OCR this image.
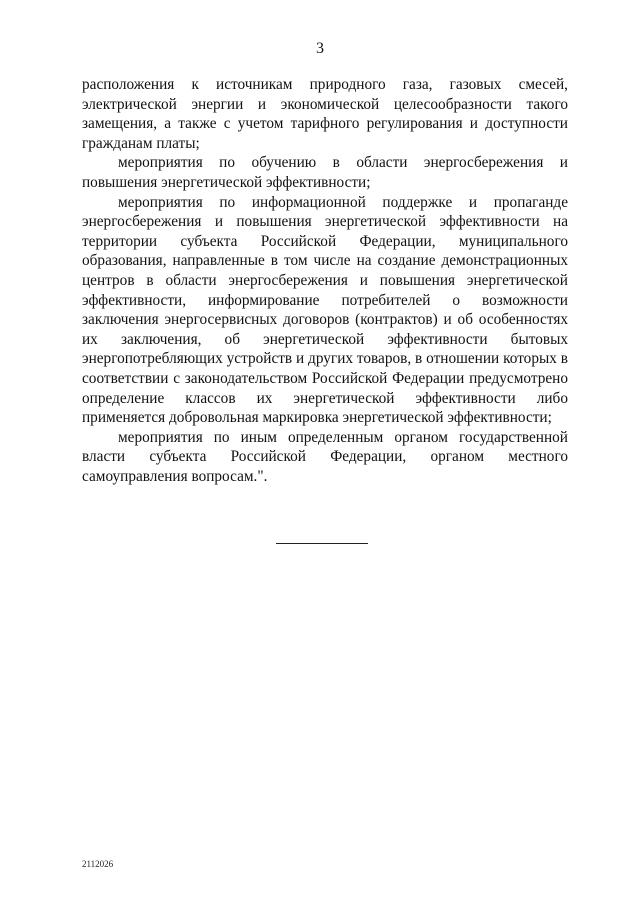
3

расположения к источникам природного газа, газовых смесей, электрической энергии и экономической целесообразности такого замещения, а также с учетом тарифного регулирования и доступности гражданам платы;

мероприятия по обучению в области энергосбережения и повышения энергетической эффективности;

мероприятия по информационной поддержке и пропаганде энергосбережения и повышения энергетической эффективности на территории субъекта Российской Федерации, муниципального образования, направленные в том числе на создание демонстрационных центров в области энергосбережения и повышения энергетической эффективности, информирование потребителей о возможности заключения энергосервисных договоров (контрактов) и об особенностях их заключения, об энергетической эффективности бытовых энергопотребляющих устройств и других товаров, в отношении которых в соответствии с законодательством Российской Федерации предусмотрено определение классов их энергетической эффективности либо применяется добровольная маркировка энергетической эффективности;

мероприятия по иным определенным органом государственной власти субъекта Российской Федерации, органом местного самоуправления вопросам.".

2112026
